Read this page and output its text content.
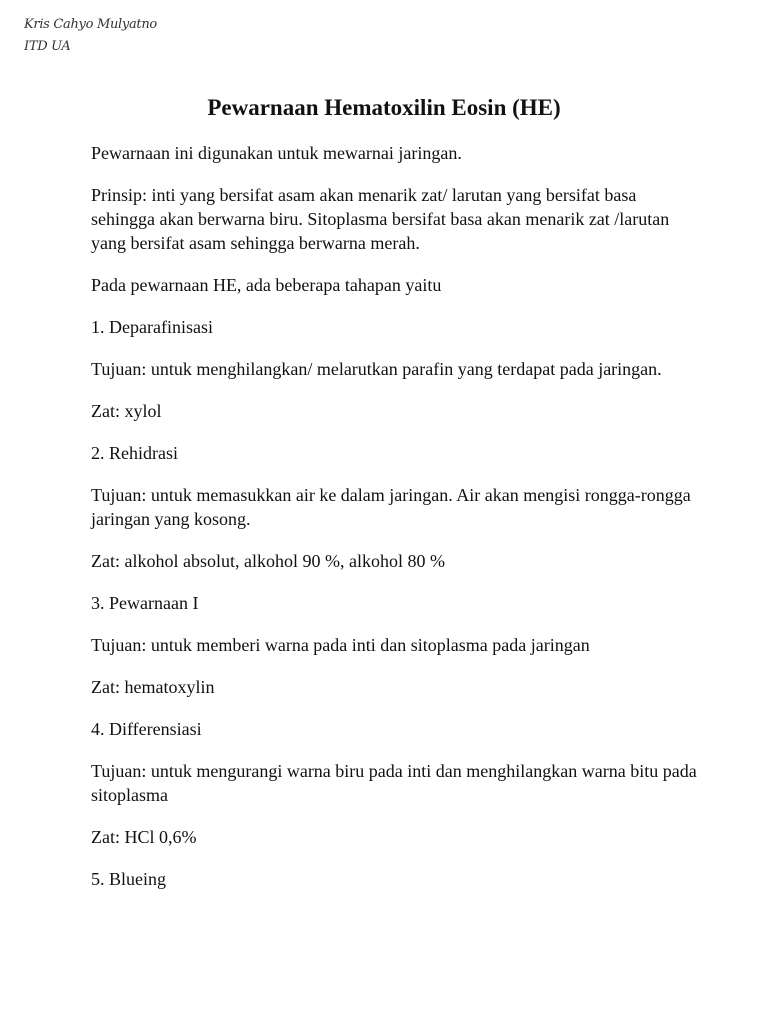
Kris Cahyo Mulyatno
ITD UA
Pewarnaan Hematoxilin Eosin (HE)

Pewarnaan ini digunakan untuk mewarnai jaringan.

Prinsip: inti yang bersifat asam akan menarik zat/ larutan yang bersifat basa sehingga akan berwarna biru. Sitoplasma bersifat basa akan menarik zat /larutan yang bersifat asam sehingga berwarna merah.

Pada pewarnaan HE, ada beberapa tahapan yaitu

1. Deparafinisasi

Tujuan: untuk menghilangkan/ melarutkan parafin yang terdapat pada jaringan.

Zat: xylol

2. Rehidrasi

Tujuan: untuk memasukkan air ke dalam jaringan. Air akan mengisi rongga-rongga jaringan yang kosong.

Zat: alkohol absolut, alkohol 90 %, alkohol 80 %

3. Pewarnaan I

Tujuan: untuk memberi warna pada inti dan sitoplasma pada jaringan

Zat: hematoxylin

4. Differensiasi

Tujuan: untuk mengurangi warna biru pada inti dan menghilangkan warna bitu pada sitoplasma

Zat: HCl 0,6%

5. Blueing
